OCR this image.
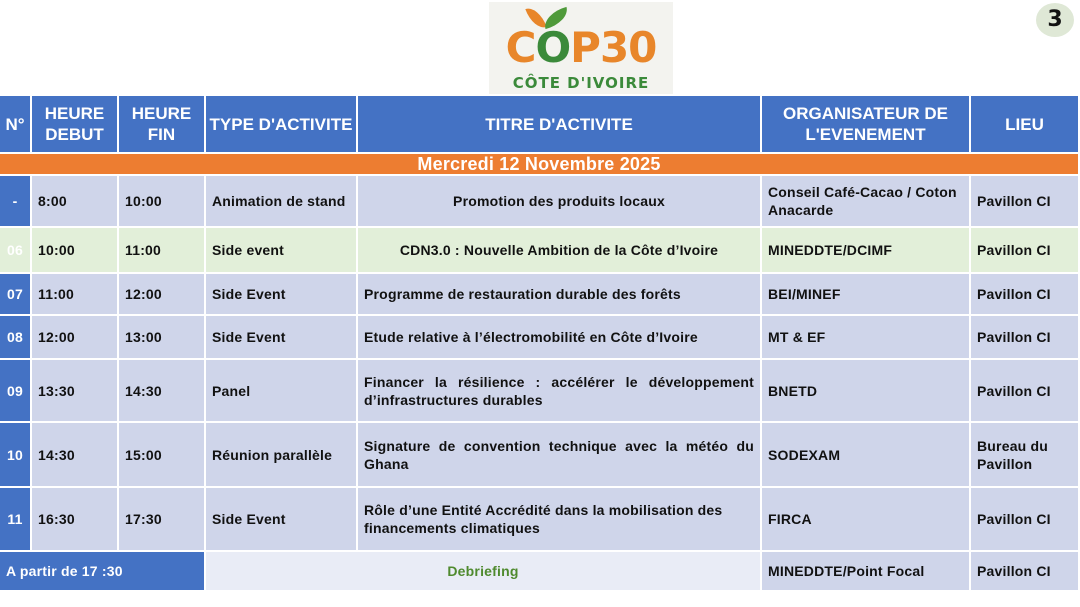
COP30
CÔTE D'IVOIRE
3
N°	HEURE DEBUT	HEURE FIN	TYPE D'ACTIVITE	TITRE D'ACTIVITE	ORGANISATEUR DE L'EVENEMENT	LIEU
Mercredi 12 Novembre 2025						
-	8:00	10:00	Animation de stand	Promotion des produits locaux	Conseil Café-Cacao / Coton Anacarde	Pavillon CI
06	10:00	11:00	Side event	CDN3.0 : Nouvelle Ambition de la Côte d’Ivoire	MINEDDTE/DCIMF	Pavillon CI
07	11:00	12:00	Side Event	Programme de restauration durable des forêts	BEI/MINEF	Pavillon CI
08	12:00	13:00	Side Event	Etude relative à l’électromobilité en Côte d’Ivoire	MT & EF	Pavillon CI
09	13:30	14:30	Panel	Financer la résilience : accélérer le développement d’infrastructures durables	BNETD	Pavillon CI
10	14:30	15:00	Réunion parallèle	Signature de convention technique avec la météo du Ghana	SODEXAM	Bureau du Pavillon
11	16:30	17:30	Side Event	Rôle d’une Entité Accrédité dans la mobilisation des financements climatiques	FIRCA	Pavillon CI
A partir de 17 :30			Debriefing		MINEDDTE/Point Focal	Pavillon CI
